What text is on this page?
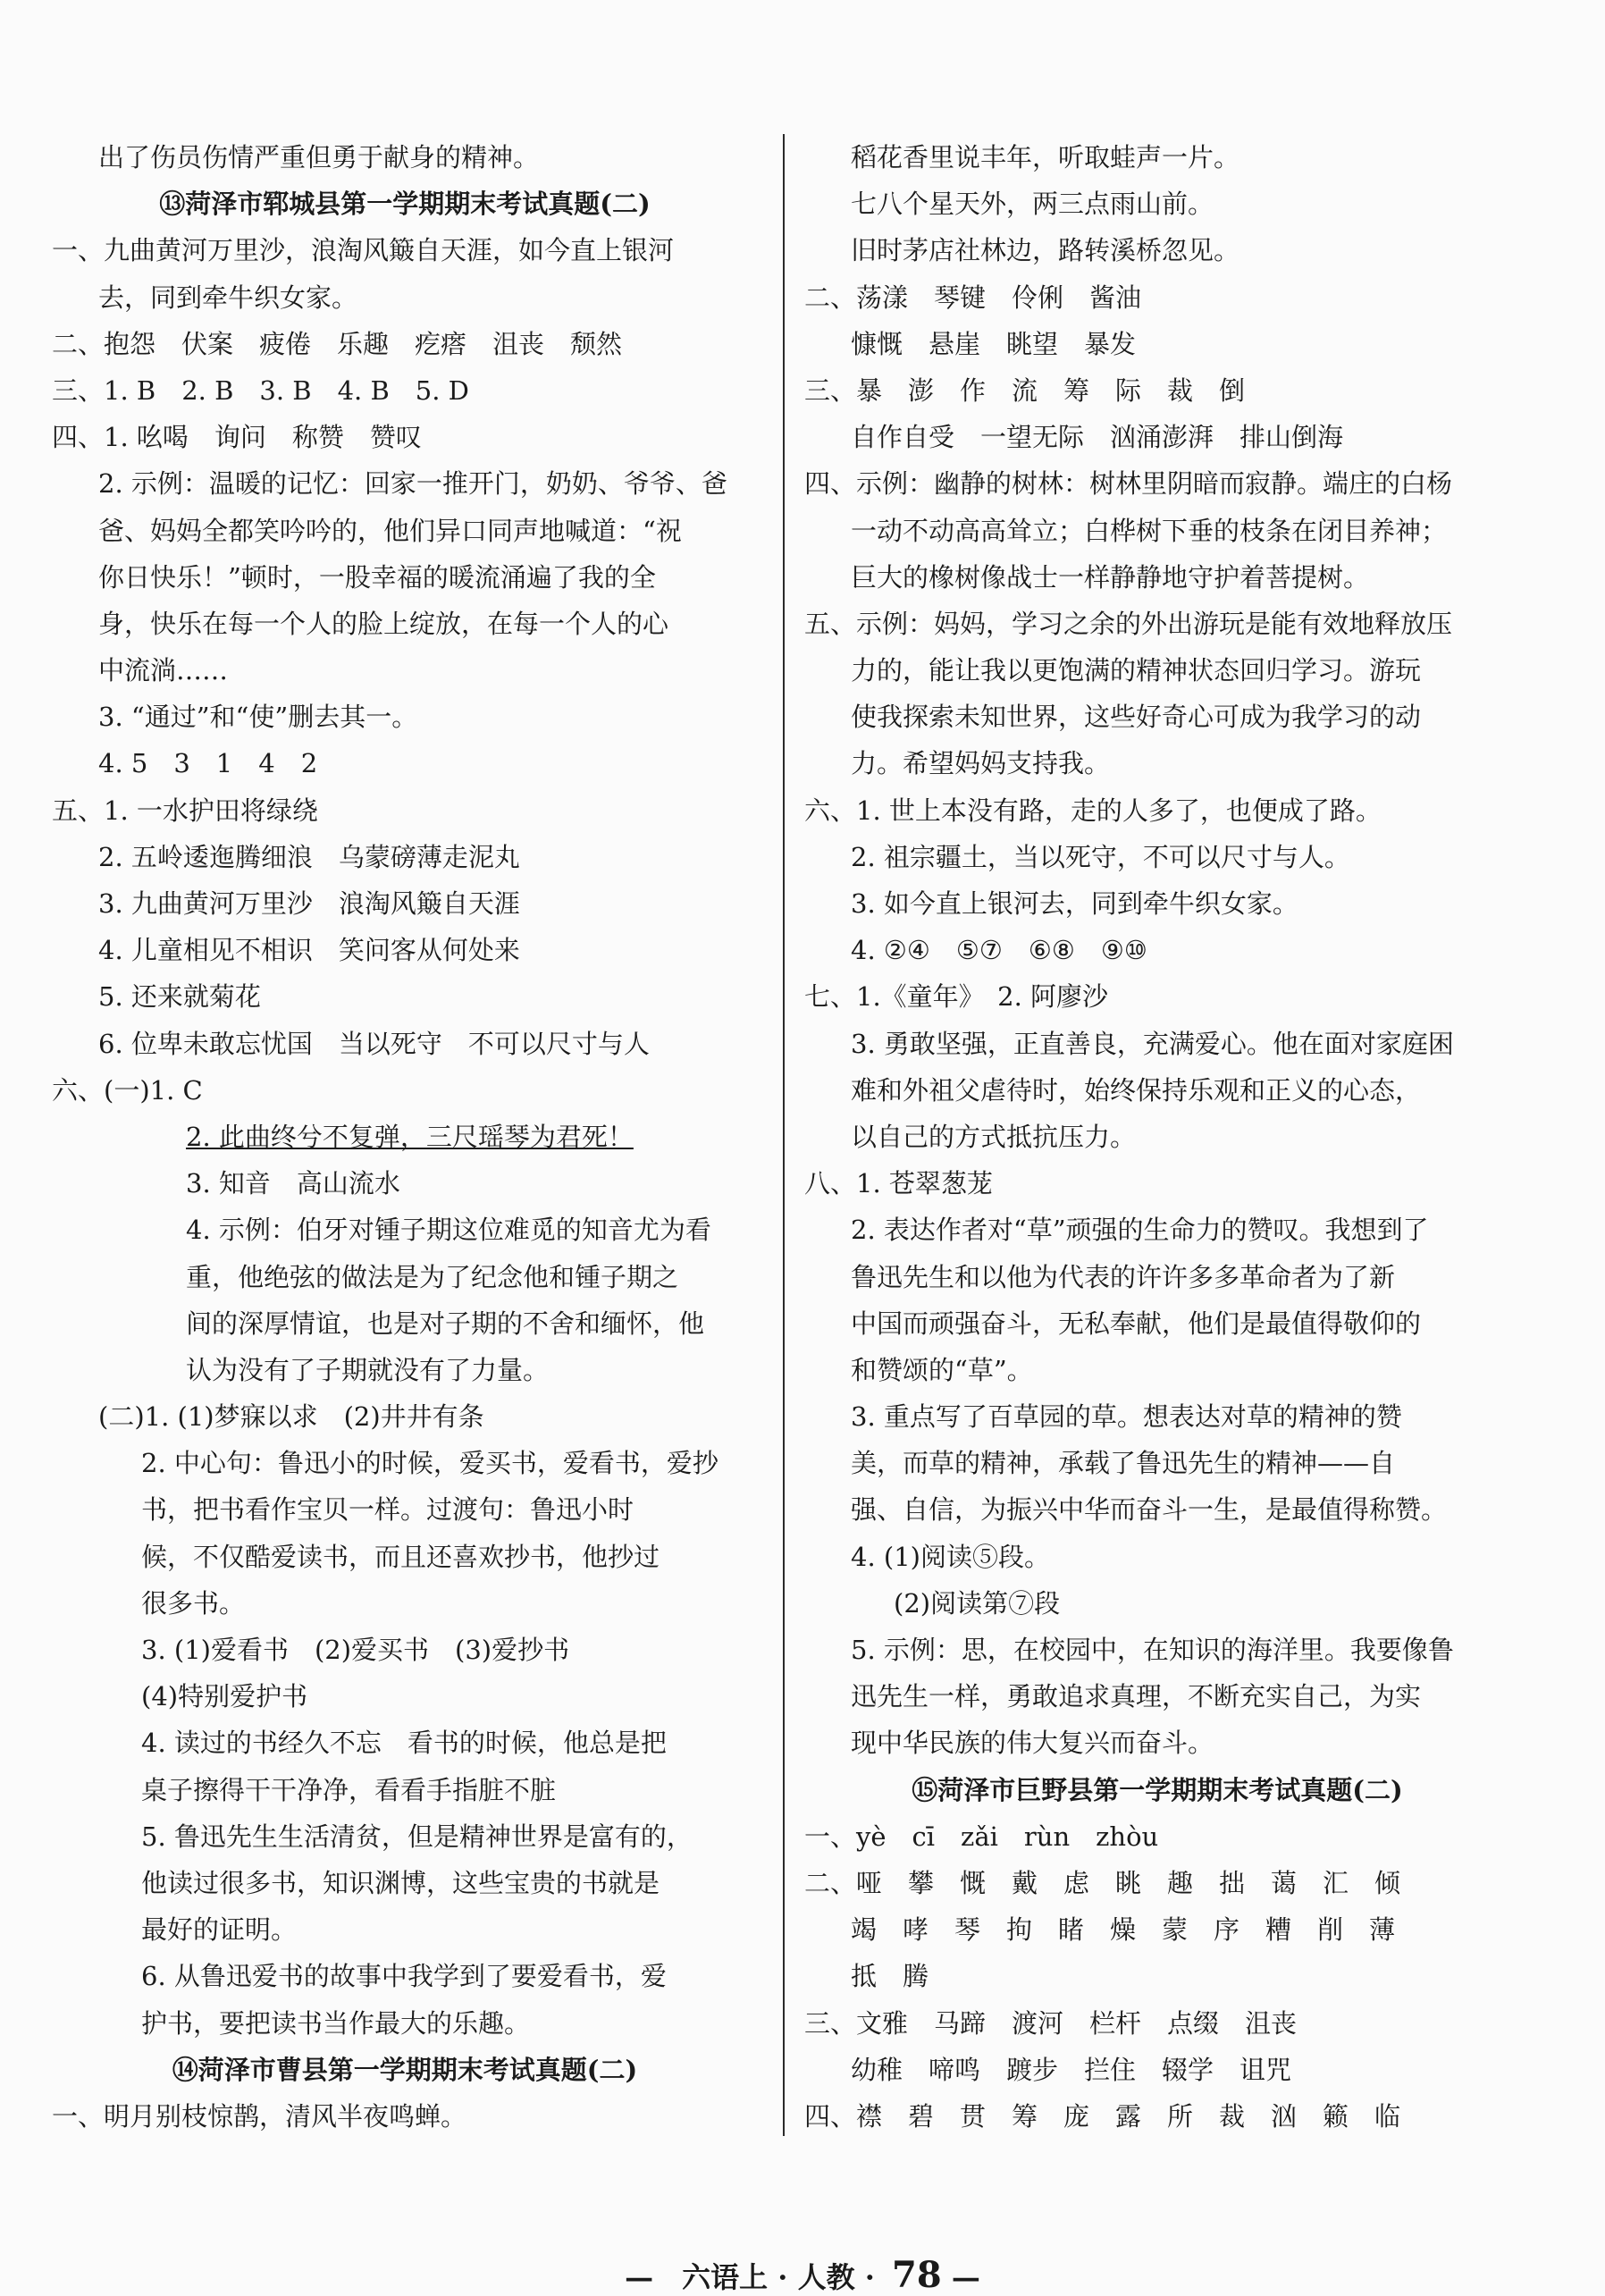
出了伤员伤情严重但勇于献身的精神。
⑬菏泽市郓城县第一学期期末考试真题(二)
一、九曲黄河万里沙，浪淘风簸自天涯，如今直上银河
去，同到牵牛织女家。
二、抱怨　伏案　疲倦　乐趣　疙瘩　沮丧　颓然
三、1. B　2. B　3. B　4. B　5. D
四、1. 吆喝　询问　称赞　赞叹
2. 示例：温暖的记忆：回家一推开门，奶奶、爷爷、爸
爸、妈妈全都笑吟吟的，他们异口同声地喊道：“祝
你日快乐！”顿时，一股幸福的暖流涌遍了我的全
身，快乐在每一个人的脸上绽放，在每一个人的心
中流淌……
3. “通过”和“使”删去其一。
4. 5　3　1　4　2
五、1. 一水护田将绿绕
2. 五岭逶迤腾细浪　乌蒙磅薄走泥丸
3. 九曲黄河万里沙　浪淘风簸自天涯
4. 儿童相见不相识　笑问客从何处来
5. 还来就菊花
6. 位卑未敢忘忧国　当以死守　不可以尺寸与人
六、(一)1. C
2. 此曲终兮不复弹，三尺瑶琴为君死！
3. 知音　高山流水
4. 示例：伯牙对锺子期这位难觅的知音尤为看
重，他绝弦的做法是为了纪念他和锺子期之
间的深厚情谊，也是对子期的不舍和缅怀，他
认为没有了子期就没有了力量。
(二)1. (1)梦寐以求　(2)井井有条
2. 中心句：鲁迅小的时候，爱买书，爱看书，爱抄
书，把书看作宝贝一样。过渡句：鲁迅小时
候，不仅酷爱读书，而且还喜欢抄书，他抄过
很多书。
3. (1)爱看书　(2)爱买书　(3)爱抄书
(4)特别爱护书
4. 读过的书经久不忘　看书的时候，他总是把
桌子擦得干干净净，看看手指脏不脏
5. 鲁迅先生生活清贫，但是精神世界是富有的，
他读过很多书，知识渊博，这些宝贵的书就是
最好的证明。
6. 从鲁迅爱书的故事中我学到了要爱看书，爱
护书，要把读书当作最大的乐趣。
⑭菏泽市曹县第一学期期末考试真题(二)
一、明月别枝惊鹊，清风半夜鸣蝉。
稻花香里说丰年，听取蛙声一片。
七八个星天外，两三点雨山前。
旧时茅店社林边，路转溪桥忽见。
二、荡漾　琴键　伶俐　酱油
慷慨　悬崖　眺望　暴发
三、暴　澎　作　流　筹　际　裁　倒
自作自受　一望无际　汹涌澎湃　排山倒海
四、示例：幽静的树林：树林里阴暗而寂静。端庄的白杨
一动不动高高耸立；白桦树下垂的枝条在闭目养神；
巨大的橡树像战士一样静静地守护着菩提树。
五、示例：妈妈，学习之余的外出游玩是能有效地释放压
力的，能让我以更饱满的精神状态回归学习。游玩
使我探索未知世界，这些好奇心可成为我学习的动
力。希望妈妈支持我。
六、1. 世上本没有路，走的人多了，也便成了路。
2. 祖宗疆土，当以死守，不可以尺寸与人。
3. 如今直上银河去，同到牵牛织女家。
4. ②④　⑤⑦　⑥⑧　⑨⑩
七、1.《童年》　2. 阿廖沙
3. 勇敢坚强，正直善良，充满爱心。他在面对家庭困
难和外祖父虐待时，始终保持乐观和正义的心态，
以自己的方式抵抗压力。
八、1. 苍翠葱茏
2. 表达作者对“草”顽强的生命力的赞叹。我想到了
鲁迅先生和以他为代表的许许多多革命者为了新
中国而顽强奋斗，无私奉献，他们是最值得敬仰的
和赞颂的“草”。
3. 重点写了百草园的草。想表达对草的精神的赞
美，而草的精神，承载了鲁迅先生的精神——自
强、自信，为振兴中华而奋斗一生，是最值得称赞。
4. (1)阅读⑤段。
(2)阅读第⑦段
5. 示例：思，在校园中，在知识的海洋里。我要像鲁
迅先生一样，勇敢追求真理，不断充实自己，为实
现中华民族的伟大复兴而奋斗。
⑮菏泽市巨野县第一学期期末考试真题(二)
一、yè　cī　zǎi　rùn　zhòu
二、哑　攀　慨　戴　虑　眺　趣　拙　蔼　汇　倾
竭　哮　琴　拘　睹　燥　蒙　序　糟　削　薄
抵　腾
三、文雅　马蹄　渡河　栏杆　点缀　沮丧
幼稚　啼鸣　踱步　拦住　辍学　诅咒
四、襟　碧　贯　筹　庞　露　所　裁　汹　籁　临
—　六语上 · 人教 · 78 —
